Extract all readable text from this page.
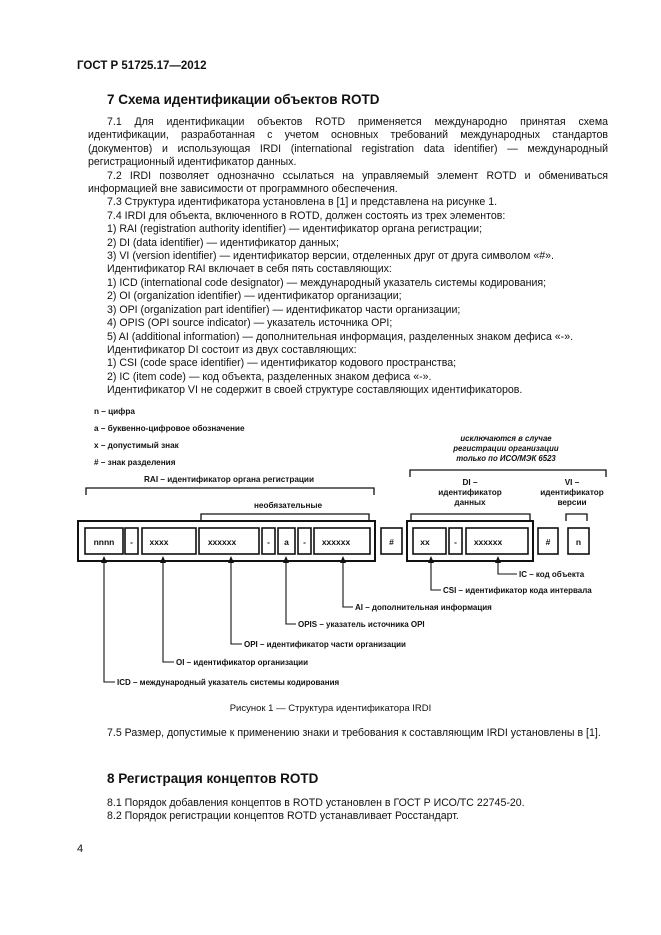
ГОСТ Р 51725.17—2012
7 Схема идентификации объектов ROTD

7.1 Для идентификации объектов ROTD применяется международно принятая схема идентификации, разработанная с учетом основных требований международных стандартов (документов) и использующая IRDI (international registration data identifier) — международный регистрационный идентификатор данных.

7.2 IRDI позволяет однозначно ссылаться на управляемый элемент ROTD и обмениваться информацией вне зависимости от программного обеспечения.

7.3 Структура идентификатора установлена в [1] и представлена на рисунке 1.

7.4 IRDI для объекта, включенного в ROTD, должен состоять из трех элементов:

1) RAI (registration authority identifier) — идентификатор органа регистрации;

2) DI (data identifier) — идентификатор данных;

3) VI (version identifier) — идентификатор версии, отделенных друг от друга символом «#».

Идентификатор RAI включает в себя пять составляющих:

1) ICD (international code designator) — международный указатель системы кодирования;

2) OI (organization identifier) — идентификатор организации;

3) OPI (organization part identifier) — идентификатор части организации;

4) OPIS (OPI source indicator) — указатель источника OPI;

5) AI (additional information) — дополнительная информация, разделенных знаком дефиса «-».

Идентификатор DI состоит из двух составляющих:

1) CSI (code space identifier) — идентификатор кодового пространства;

2) IC (item code) — код объекта, разделенных знаком дефиса «-».

Идентификатор VI не содержит в своей структуре составляющих идентификаторов.

n – цифра
a – буквенно-цифровое обозначение
x – допустимый знак
# – знак разделения
исключаются в случае
регистрации организации
только по ИСО/МЭК 6523
RAI – идентификатор органа регистрации
необязательные
DI –
идентификатор
данных
VI –
идентификатор
версии
nnnn - xxxx	xxxxxx	- a - xxxxxx	#	xx	- xxxxxx	#	n
IC – код объекта
CSI – идентификатор кода интервала
AI – дополнительная информация
OPIS – указатель источника OPI
OPI – идентификатор части организации
OI – идентификатор организации
ICD – международный указатель системы кодирования
Рисунок 1 — Структура идентификатора IRDI

7.5 Размер, допустимые к применению знаки и требования к составляющим IRDI установлены в [1].

8 Регистрация концептов ROTD

8.1 Порядок добавления концептов в ROTD установлен в ГОСТ Р ИСО/ТС 22745-20.

8.2 Порядок регистрации концептов ROTD устанавливает Росстандарт.

4
